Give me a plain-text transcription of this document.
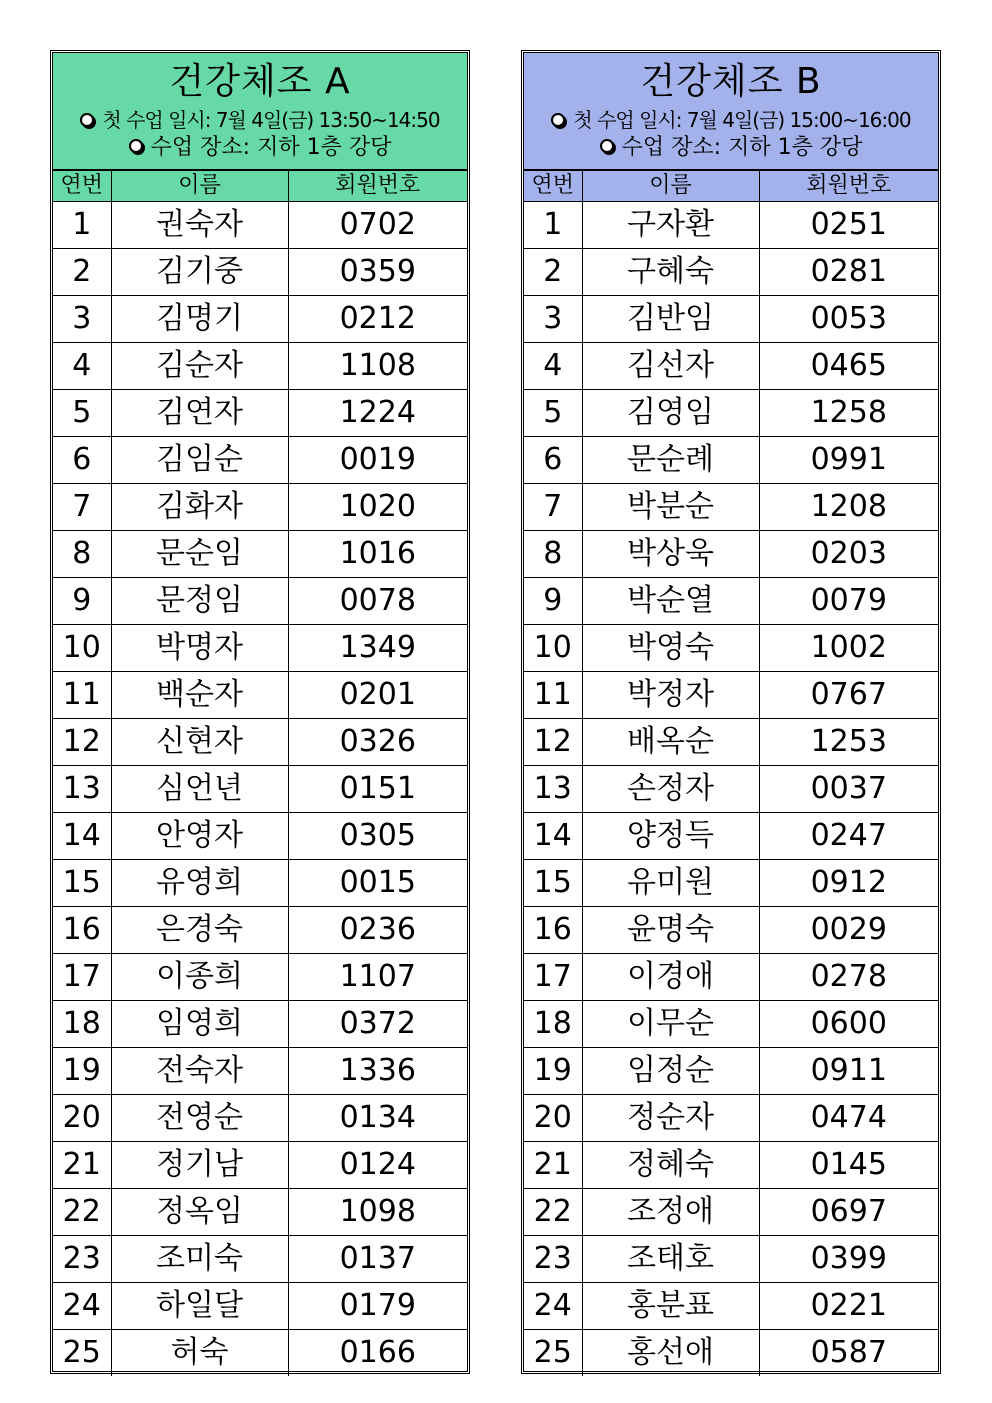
건강체조 A
첫 수업 일시: 7월 4일(금) 13:50~14:50
수업 장소: 지하 1층 강당
연번	이름	회원번호
1	권숙자	0702
2	김기중	0359
3	김명기	0212
4	김순자	1108
5	김연자	1224
6	김임순	0019
7	김화자	1020
8	문순임	1016
9	문정임	0078
10	박명자	1349
11	백순자	0201
12	신현자	0326
13	심언년	0151
14	안영자	0305
15	유영희	0015
16	은경숙	0236
17	이종희	1107
18	임영희	0372
19	전숙자	1336
20	전영순	0134
21	정기남	0124
22	정옥임	1098
23	조미숙	0137
24	하일달	0179
25	허숙	0166
건강체조 B
첫 수업 일시: 7월 4일(금) 15:00~16:00
수업 장소: 지하 1층 강당
연번	이름	회원번호
1	구자환	0251
2	구혜숙	0281
3	김반임	0053
4	김선자	0465
5	김영임	1258
6	문순례	0991
7	박분순	1208
8	박상욱	0203
9	박순열	0079
10	박영숙	1002
11	박정자	0767
12	배옥순	1253
13	손정자	0037
14	양정득	0247
15	유미원	0912
16	윤명숙	0029
17	이경애	0278
18	이무순	0600
19	임정순	0911
20	정순자	0474
21	정혜숙	0145
22	조정애	0697
23	조태호	0399
24	홍분표	0221
25	홍선애	0587
